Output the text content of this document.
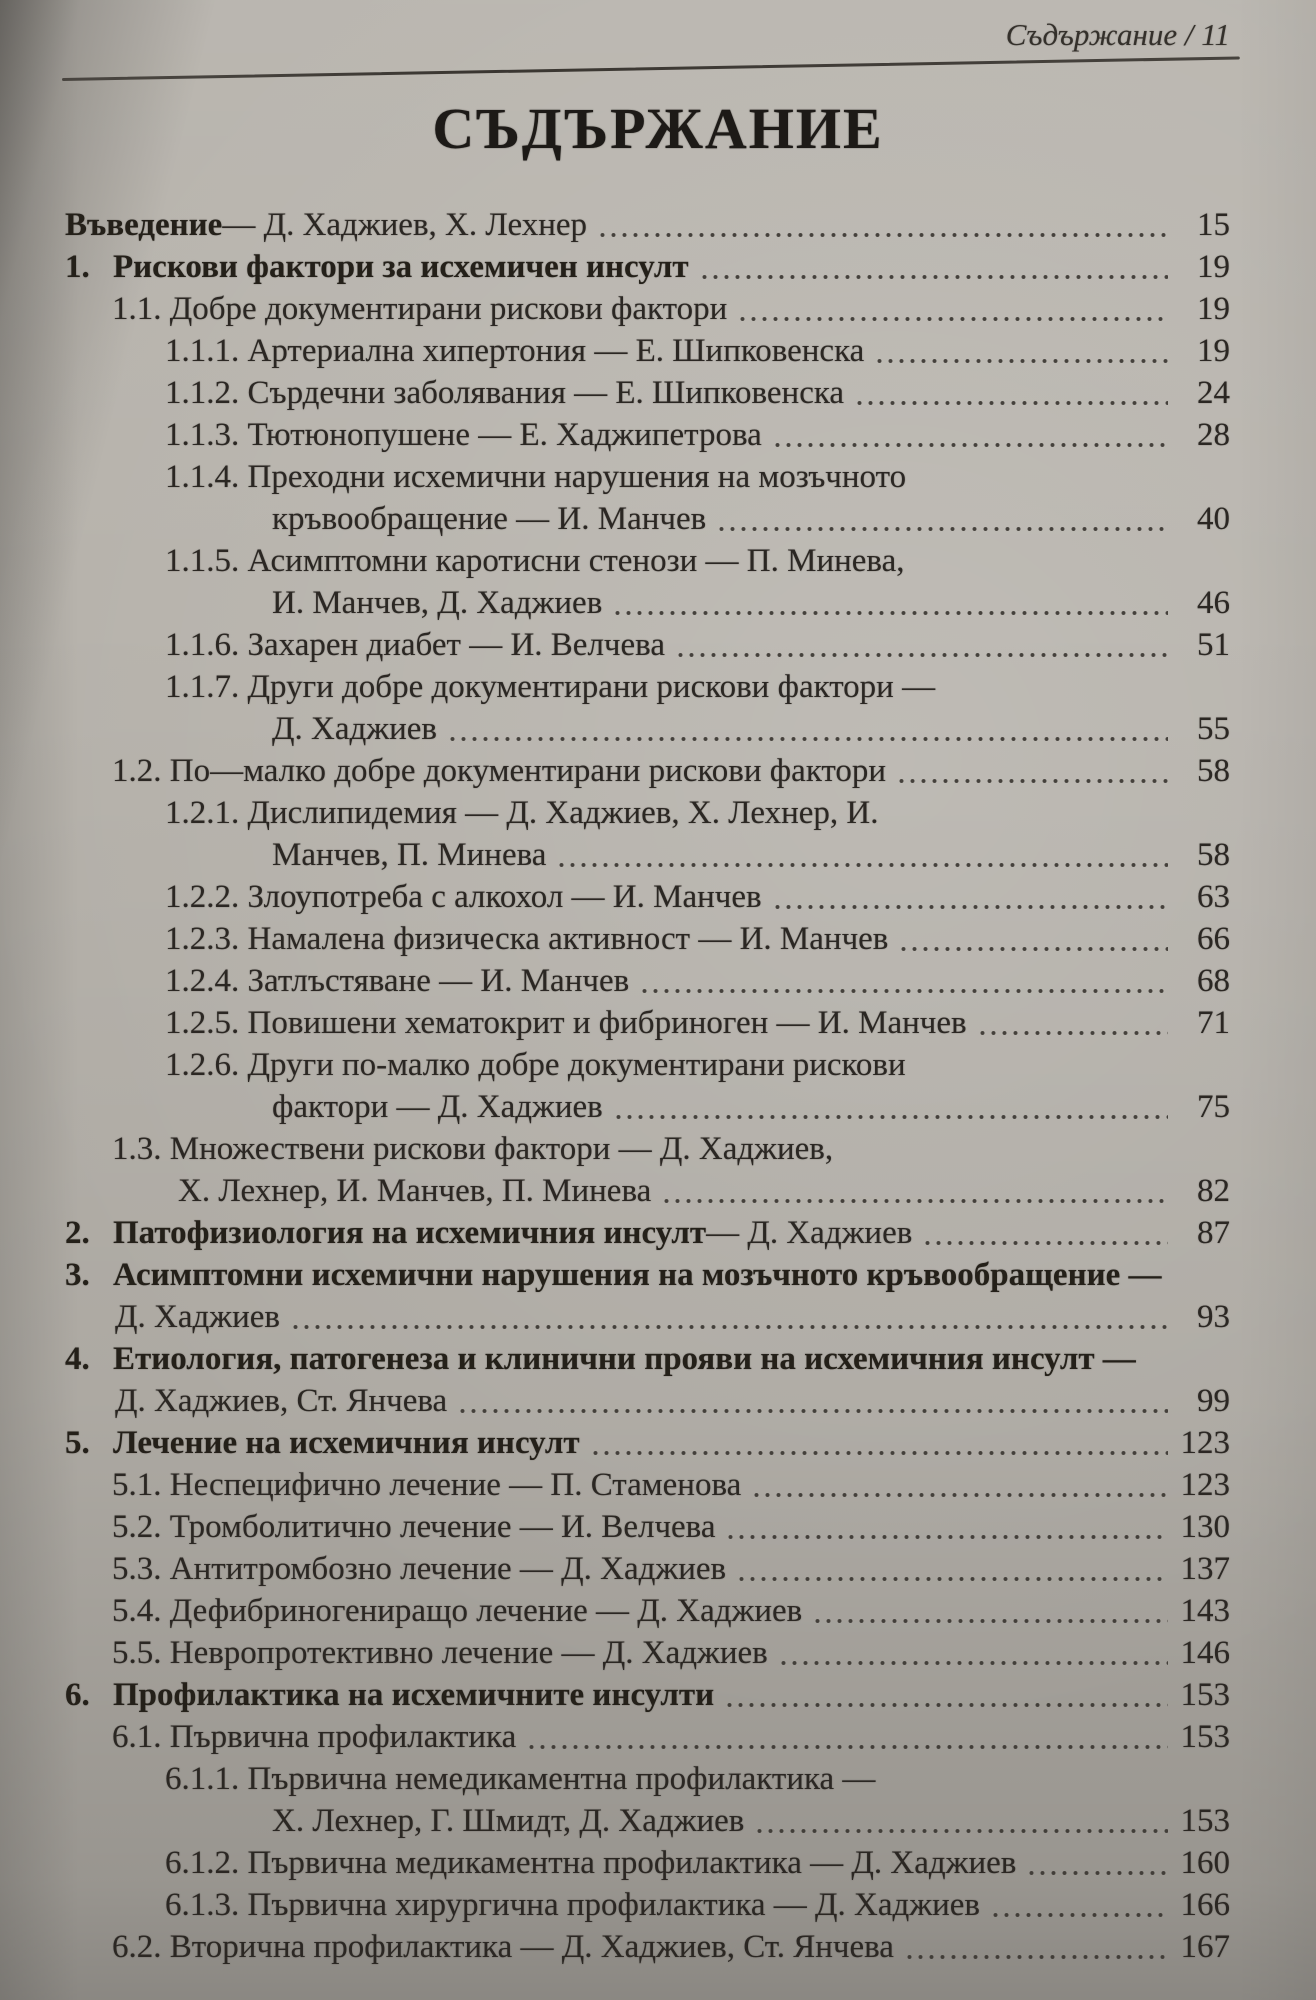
Съдържание / 11
СЪДЪРЖАНИЕ
Въведение — Д. Хаджиев, Х. Лехнер	15
1. Рискови фактори за исхемичен инсулт	19
1.1. Добре документирани рискови фактори	19
1.1.1. Артериална хипертония — Е. Шипковенска	19
1.1.2. Сърдечни заболявания — Е. Шипковенска	24
1.1.3. Тютюнопушене — Е. Хаджипетрова	28
1.1.4. Преходни исхемични нарушения на мозъчното
кръвообращение — И. Манчев	40
1.1.5. Асимптомни каротисни стенози — П. Минева,
И. Манчев, Д. Хаджиев	46
1.1.6. Захарен диабет — И. Велчева	51
1.1.7. Други добре документирани рискови фактори —
Д. Хаджиев	55
1.2. По—малко добре документирани рискови фактори	58
1.2.1. Дислипидемия — Д. Хаджиев, Х. Лехнер, И.
Манчев, П. Минева	58
1.2.2. Злоупотреба с алкохол — И. Манчев	63
1.2.3. Намалена физическа активност — И. Манчев	66
1.2.4. Затлъстяване — И. Манчев	68
1.2.5. Повишени хематокрит и фибриноген — И. Манчев	71
1.2.6. Други по-малко добре документирани рискови
фактори — Д. Хаджиев	75
1.3. Множествени рискови фактори — Д. Хаджиев,
Х. Лехнер, И. Манчев, П. Минева	82
2. Патофизиология на исхемичния инсулт — Д. Хаджиев	87
3. Асимптомни исхемични нарушения на мозъчното кръвообращение —
Д. Хаджиев	93
4. Етиология, патогенеза и клинични прояви на исхемичния инсулт —
Д. Хаджиев, Ст. Янчева	99
5. Лечение на исхемичния инсулт	123
5.1. Неспецифично лечение — П. Стаменова	123
5.2. Тромболитично лечение — И. Велчева	130
5.3. Антитромбозно лечение — Д. Хаджиев	137
5.4. Дефибриногениращо лечение — Д. Хаджиев	143
5.5. Невропротективно лечение — Д. Хаджиев	146
6. Профилактика на исхемичните инсулти	153
6.1. Първична профилактика	153
6.1.1. Първична немедикаментна профилактика —
Х. Лехнер, Г. Шмидт, Д. Хаджиев	153
6.1.2. Първична медикаментна профилактика — Д. Хаджиев	160
6.1.3. Първична хирургична профилактика — Д. Хаджиев	166
6.2. Вторична профилактика — Д. Хаджиев, Ст. Янчева	167
